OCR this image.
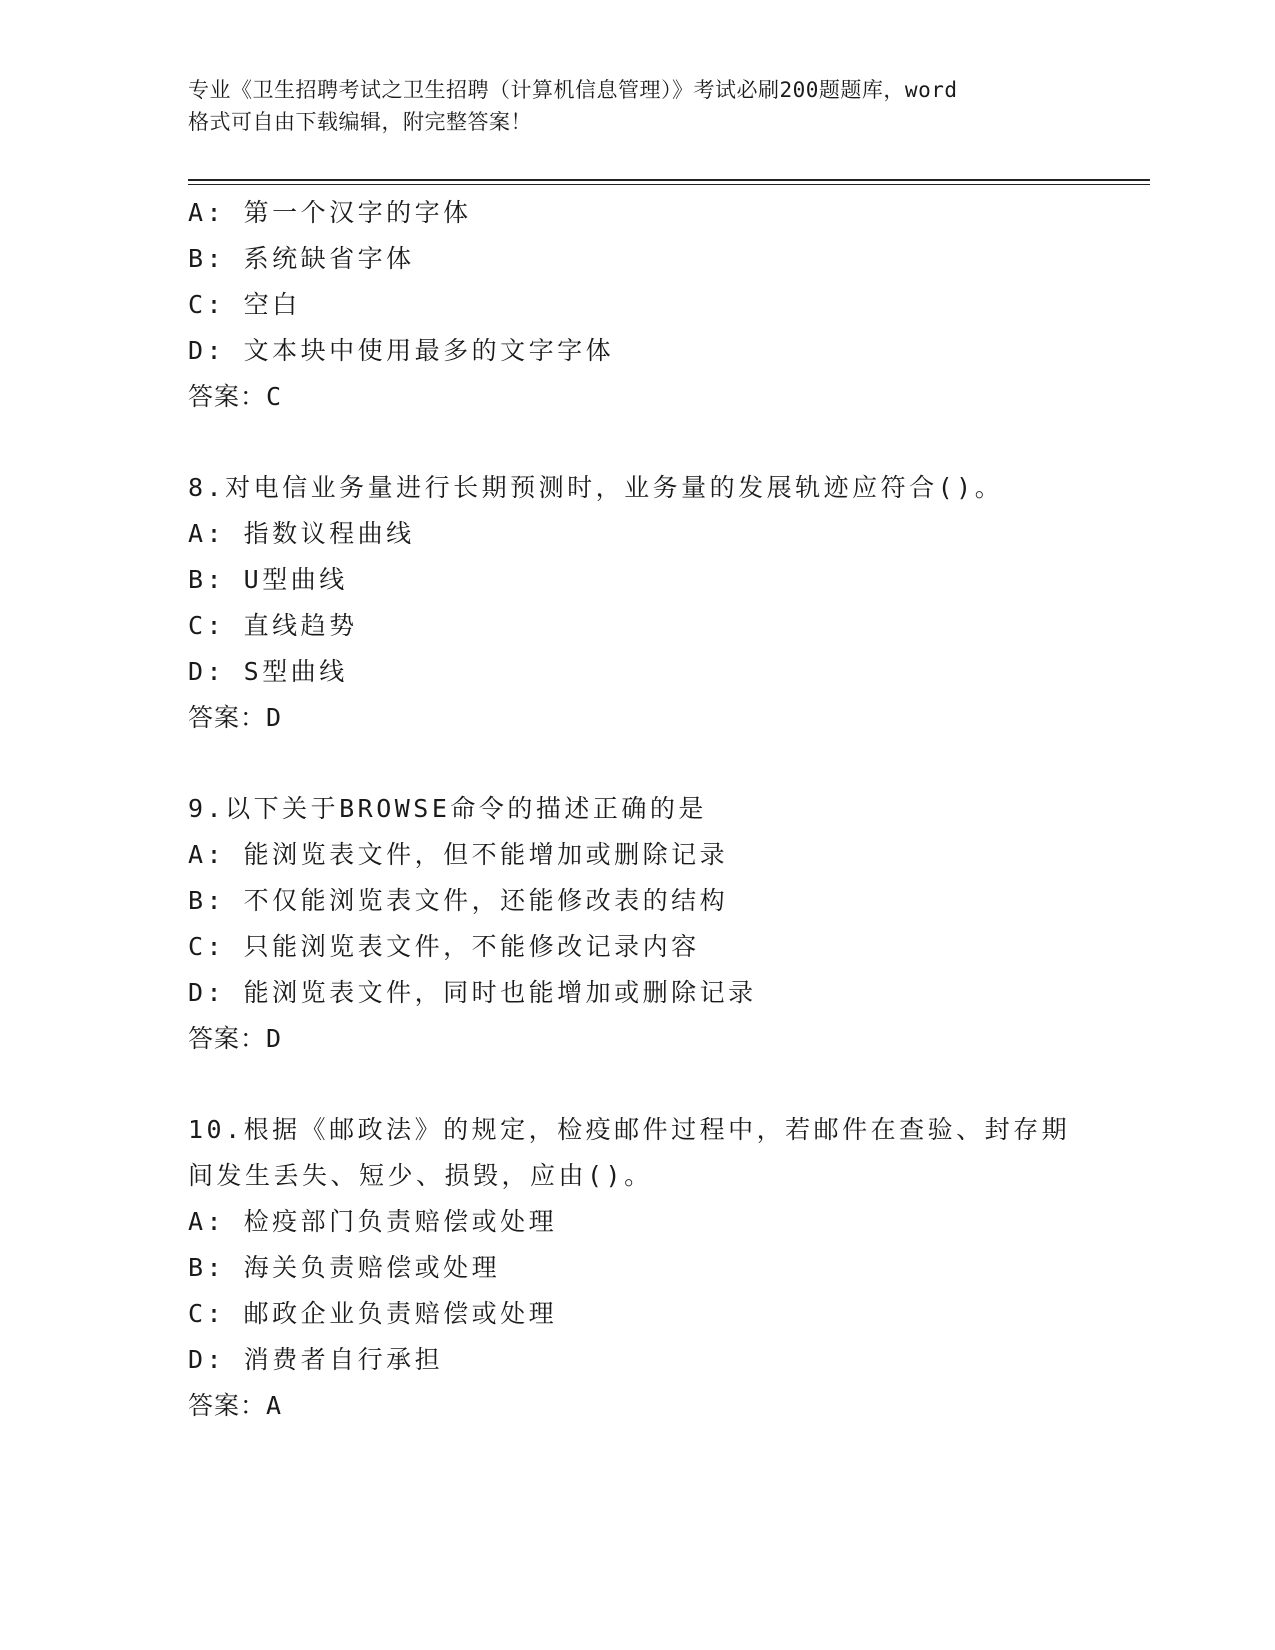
专业《卫生招聘考试之卫生招聘（计算机信息管理）》考试必刷200题题库，word
格式可自由下载编辑，附完整答案！
A: 第一个汉字的字体
B: 系统缺省字体
C: 空白
D: 文本块中使用最多的文字字体
答案：C
8.对电信业务量进行长期预测时，业务量的发展轨迹应符合()。
A: 指数议程曲线
B: U型曲线
C: 直线趋势
D: S型曲线
答案：D
9.以下关于BROWSE命令的描述正确的是
A: 能浏览表文件，但不能增加或删除记录
B: 不仅能浏览表文件，还能修改表的结构
C: 只能浏览表文件，不能修改记录内容
D: 能浏览表文件，同时也能增加或删除记录
答案：D
10.根据《邮政法》的规定，检疫邮件过程中，若邮件在查验、封存期
间发生丢失、短少、损毁，应由()。
A: 检疫部门负责赔偿或处理
B: 海关负责赔偿或处理
C: 邮政企业负责赔偿或处理
D: 消费者自行承担
答案：A
